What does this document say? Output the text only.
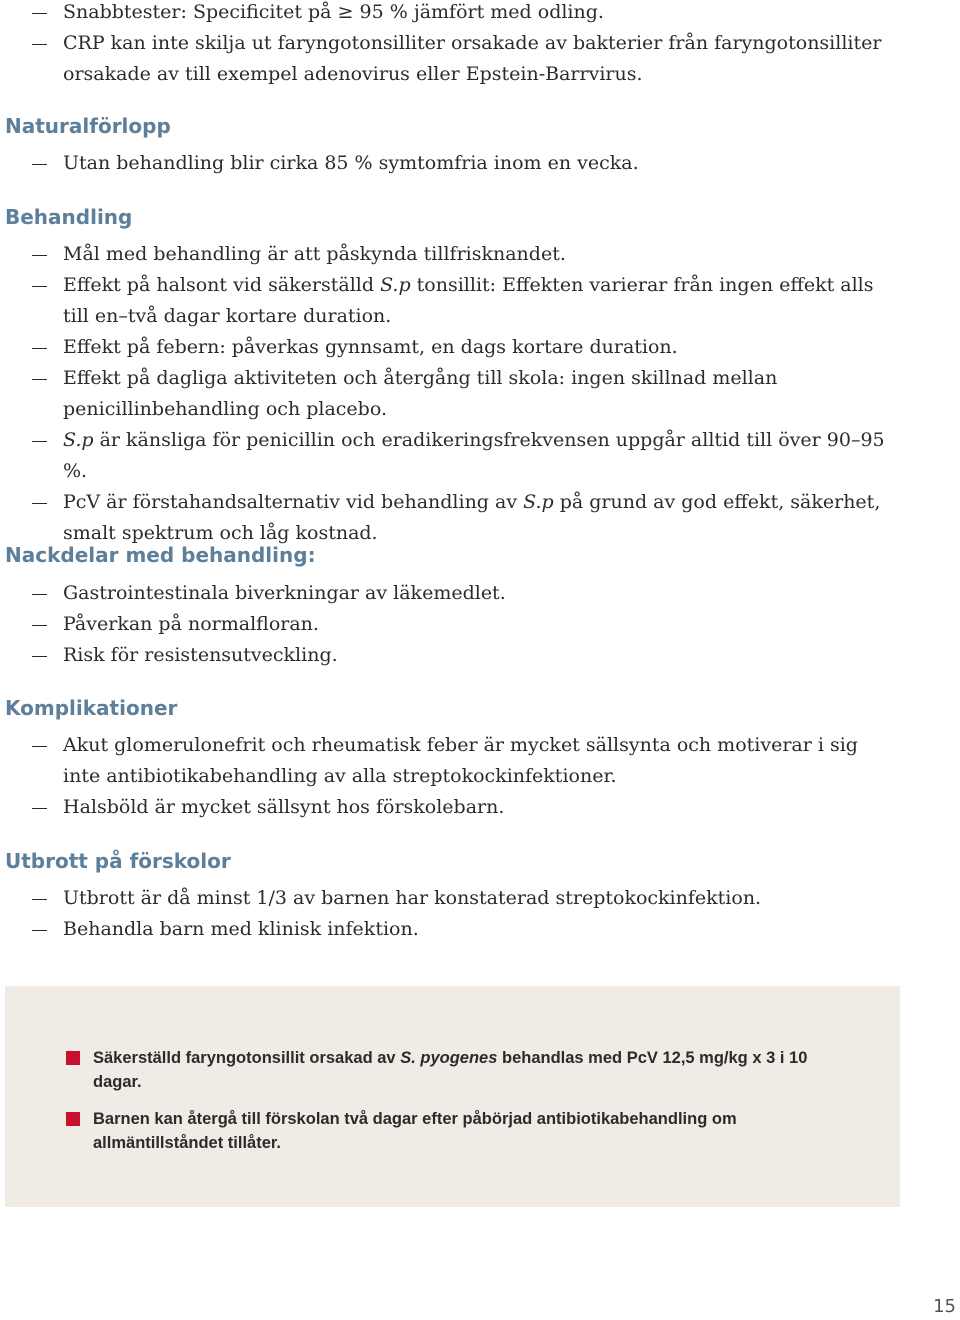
Snabbtester: Specificitet på ≥ 95 % jämfört med odling.
CRP kan inte skilja ut faryngotonsilliter orsakade av bakterier från faryngotonsilliter orsakade av till exempel adenovirus eller Epstein-Barrvirus.
Naturalförlopp
Utan behandling blir cirka 85 % symtomfria inom en vecka.
Behandling
Mål med behandling är att påskynda tillfrisknandet.
Effekt på halsont vid säkerställd S.p tonsillit: Effekten varierar från ingen effekt alls till en–två dagar kortare duration.
Effekt på febern: påverkas gynnsamt, en dags kortare duration.
Effekt på dagliga aktiviteten och återgång till skola: ingen skillnad mellan penicillinbehandling och placebo.
S.p är känsliga för penicillin och eradikeringsfrekvensen uppgår alltid till över 90–95 %.
PcV är förstahandsalternativ vid behandling av S.p på grund av god effekt, säkerhet, smalt spektrum och låg kostnad.
Nackdelar med behandling:
Gastrointestinala biverkningar av läkemedlet.
Påverkan på normalfloran.
Risk för resistensutveckling.
Komplikationer
Akut glomerulonefrit och rheumatisk feber är mycket sällsynta och motiverar i sig inte antibiotikabehandling av alla streptokockinfektioner.
Halsböld är mycket sällsynt hos förskolebarn.
Utbrott på förskolor
Utbrott är då minst 1/3 av barnen har konstaterad streptokockinfektion.
Behandla barn med klinisk infektion.
Säkerställd faryngotonsillit orsakad av S. pyogenes behandlas med PcV 12,5 mg/kg x 3 i 10 dagar.
Barnen kan återgå till förskolan två dagar efter påbörjad antibiotikabehandling om allmäntillståndet tillåter.
15
